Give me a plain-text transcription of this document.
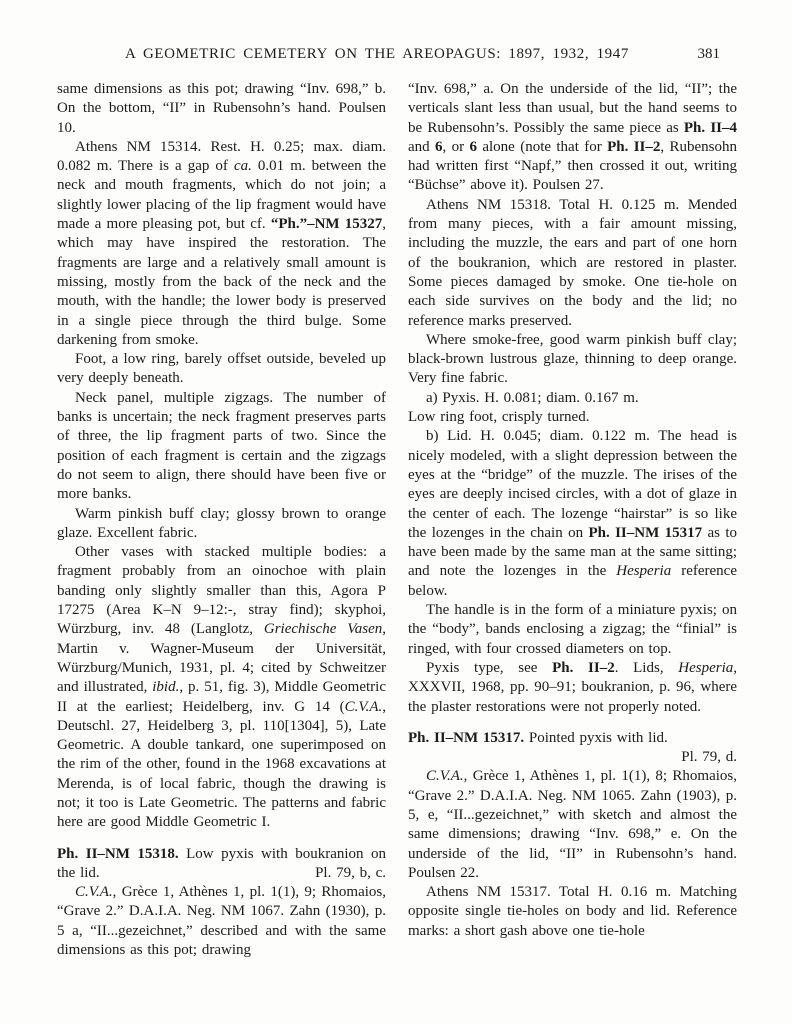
A GEOMETRIC CEMETERY ON THE AREOPAGUS: 1897, 1932, 1947	381

same dimensions as this pot; drawing “Inv. 698,” b. On the bottom, “II” in Rubensohn’s hand. Poulsen 10.

Athens NM 15314. Rest. H. 0.25; max. diam. 0.082 m. There is a gap of ca. 0.01 m. between the neck and mouth fragments, which do not join; a slightly lower placing of the lip fragment would have made a more pleasing pot, but cf. “Ph.”–NM 15327, which may have inspired the restoration. The fragments are large and a relatively small amount is missing, mostly from the back of the neck and the mouth, with the handle; the lower body is preserved in a single piece through the third bulge. Some darkening from smoke.

Foot, a low ring, barely offset outside, beveled up very deeply beneath.

Neck panel, multiple zigzags. The number of banks is uncertain; the neck fragment preserves parts of three, the lip fragment parts of two. Since the position of each fragment is certain and the zigzags do not seem to align, there should have been five or more banks.

Warm pinkish buff clay; glossy brown to orange glaze. Excellent fabric.

Other vases with stacked multiple bodies: a fragment probably from an oinochoe with plain banding only slightly smaller than this, Agora P 17275 (Area K–N 9–12:-, stray find); skyphoi, Würzburg, inv. 48 (Langlotz, Griechische Vasen, Martin v. Wagner-Museum der Universität, Würzburg/Munich, 1931, pl. 4; cited by Schweitzer and illustrated, ibid., p. 51, fig. 3), Middle Geometric II at the earliest; Heidelberg, inv. G 14 (C.V.A., Deutschl. 27, Heidelberg 3, pl. 110[1304], 5), Late Geometric. A double tankard, one superimposed on the rim of the other, found in the 1968 excavations at Merenda, is of local fabric, though the drawing is not; it too is Late Geometric. The patterns and fabric here are good Middle Geometric I.

Ph. II–NM 15318. Low pyxis with boukranion on the lid.	Pl. 79, b, c.

C.V.A., Grèce 1, Athènes 1, pl. 1(1), 9; Rhomaios, “Grave 2.” D.A.I.A. Neg. NM 1067. Zahn (1930), p. 5 a, “II...gezeichnet,” described and with the same dimensions as this pot; drawing

“Inv. 698,” a. On the underside of the lid, “II”; the verticals slant less than usual, but the hand seems to be Rubensohn’s. Possibly the same piece as Ph. II–4 and 6, or 6 alone (note that for Ph. II–2, Rubensohn had written first “Napf,” then crossed it out, writing “Büchse” above it). Poulsen 27.

Athens NM 15318. Total H. 0.125 m. Mended from many pieces, with a fair amount missing, including the muzzle, the ears and part of one horn of the boukranion, which are restored in plaster. Some pieces damaged by smoke. One tie-hole on each side survives on the body and the lid; no reference marks preserved.

Where smoke-free, good warm pinkish buff clay; black-brown lustrous glaze, thinning to deep orange. Very fine fabric.

a) Pyxis. H. 0.081; diam. 0.167 m.

Low ring foot, crisply turned.

b) Lid. H. 0.045; diam. 0.122 m. The head is nicely modeled, with a slight depression between the eyes at the “bridge” of the muzzle. The irises of the eyes are deeply incised circles, with a dot of glaze in the center of each. The lozenge “hairstar” is so like the lozenges in the chain on Ph. II–NM 15317 as to have been made by the same man at the same sitting; and note the lozenges in the Hesperia reference below.

The handle is in the form of a miniature pyxis; on the “body”, bands enclosing a zigzag; the “finial” is ringed, with four crossed diameters on top.

Pyxis type, see Ph. II–2. Lids, Hesperia, XXXVII, 1968, pp. 90–91; boukranion, p. 96, where the plaster restorations were not properly noted.

Ph. II–NM 15317. Pointed pyxis with lid.

Pl. 79, d.

C.V.A., Grèce 1, Athènes 1, pl. 1(1), 8; Rhomaios, “Grave 2.” D.A.I.A. Neg. NM 1065. Zahn (1903), p. 5, e, “II...gezeichnet,” with sketch and almost the same dimensions; drawing “Inv. 698,” e. On the underside of the lid, “II” in Rubensohn’s hand. Poulsen 22.

Athens NM 15317. Total H. 0.16 m. Matching opposite single tie-holes on body and lid. Reference marks: a short gash above one tie-hole
